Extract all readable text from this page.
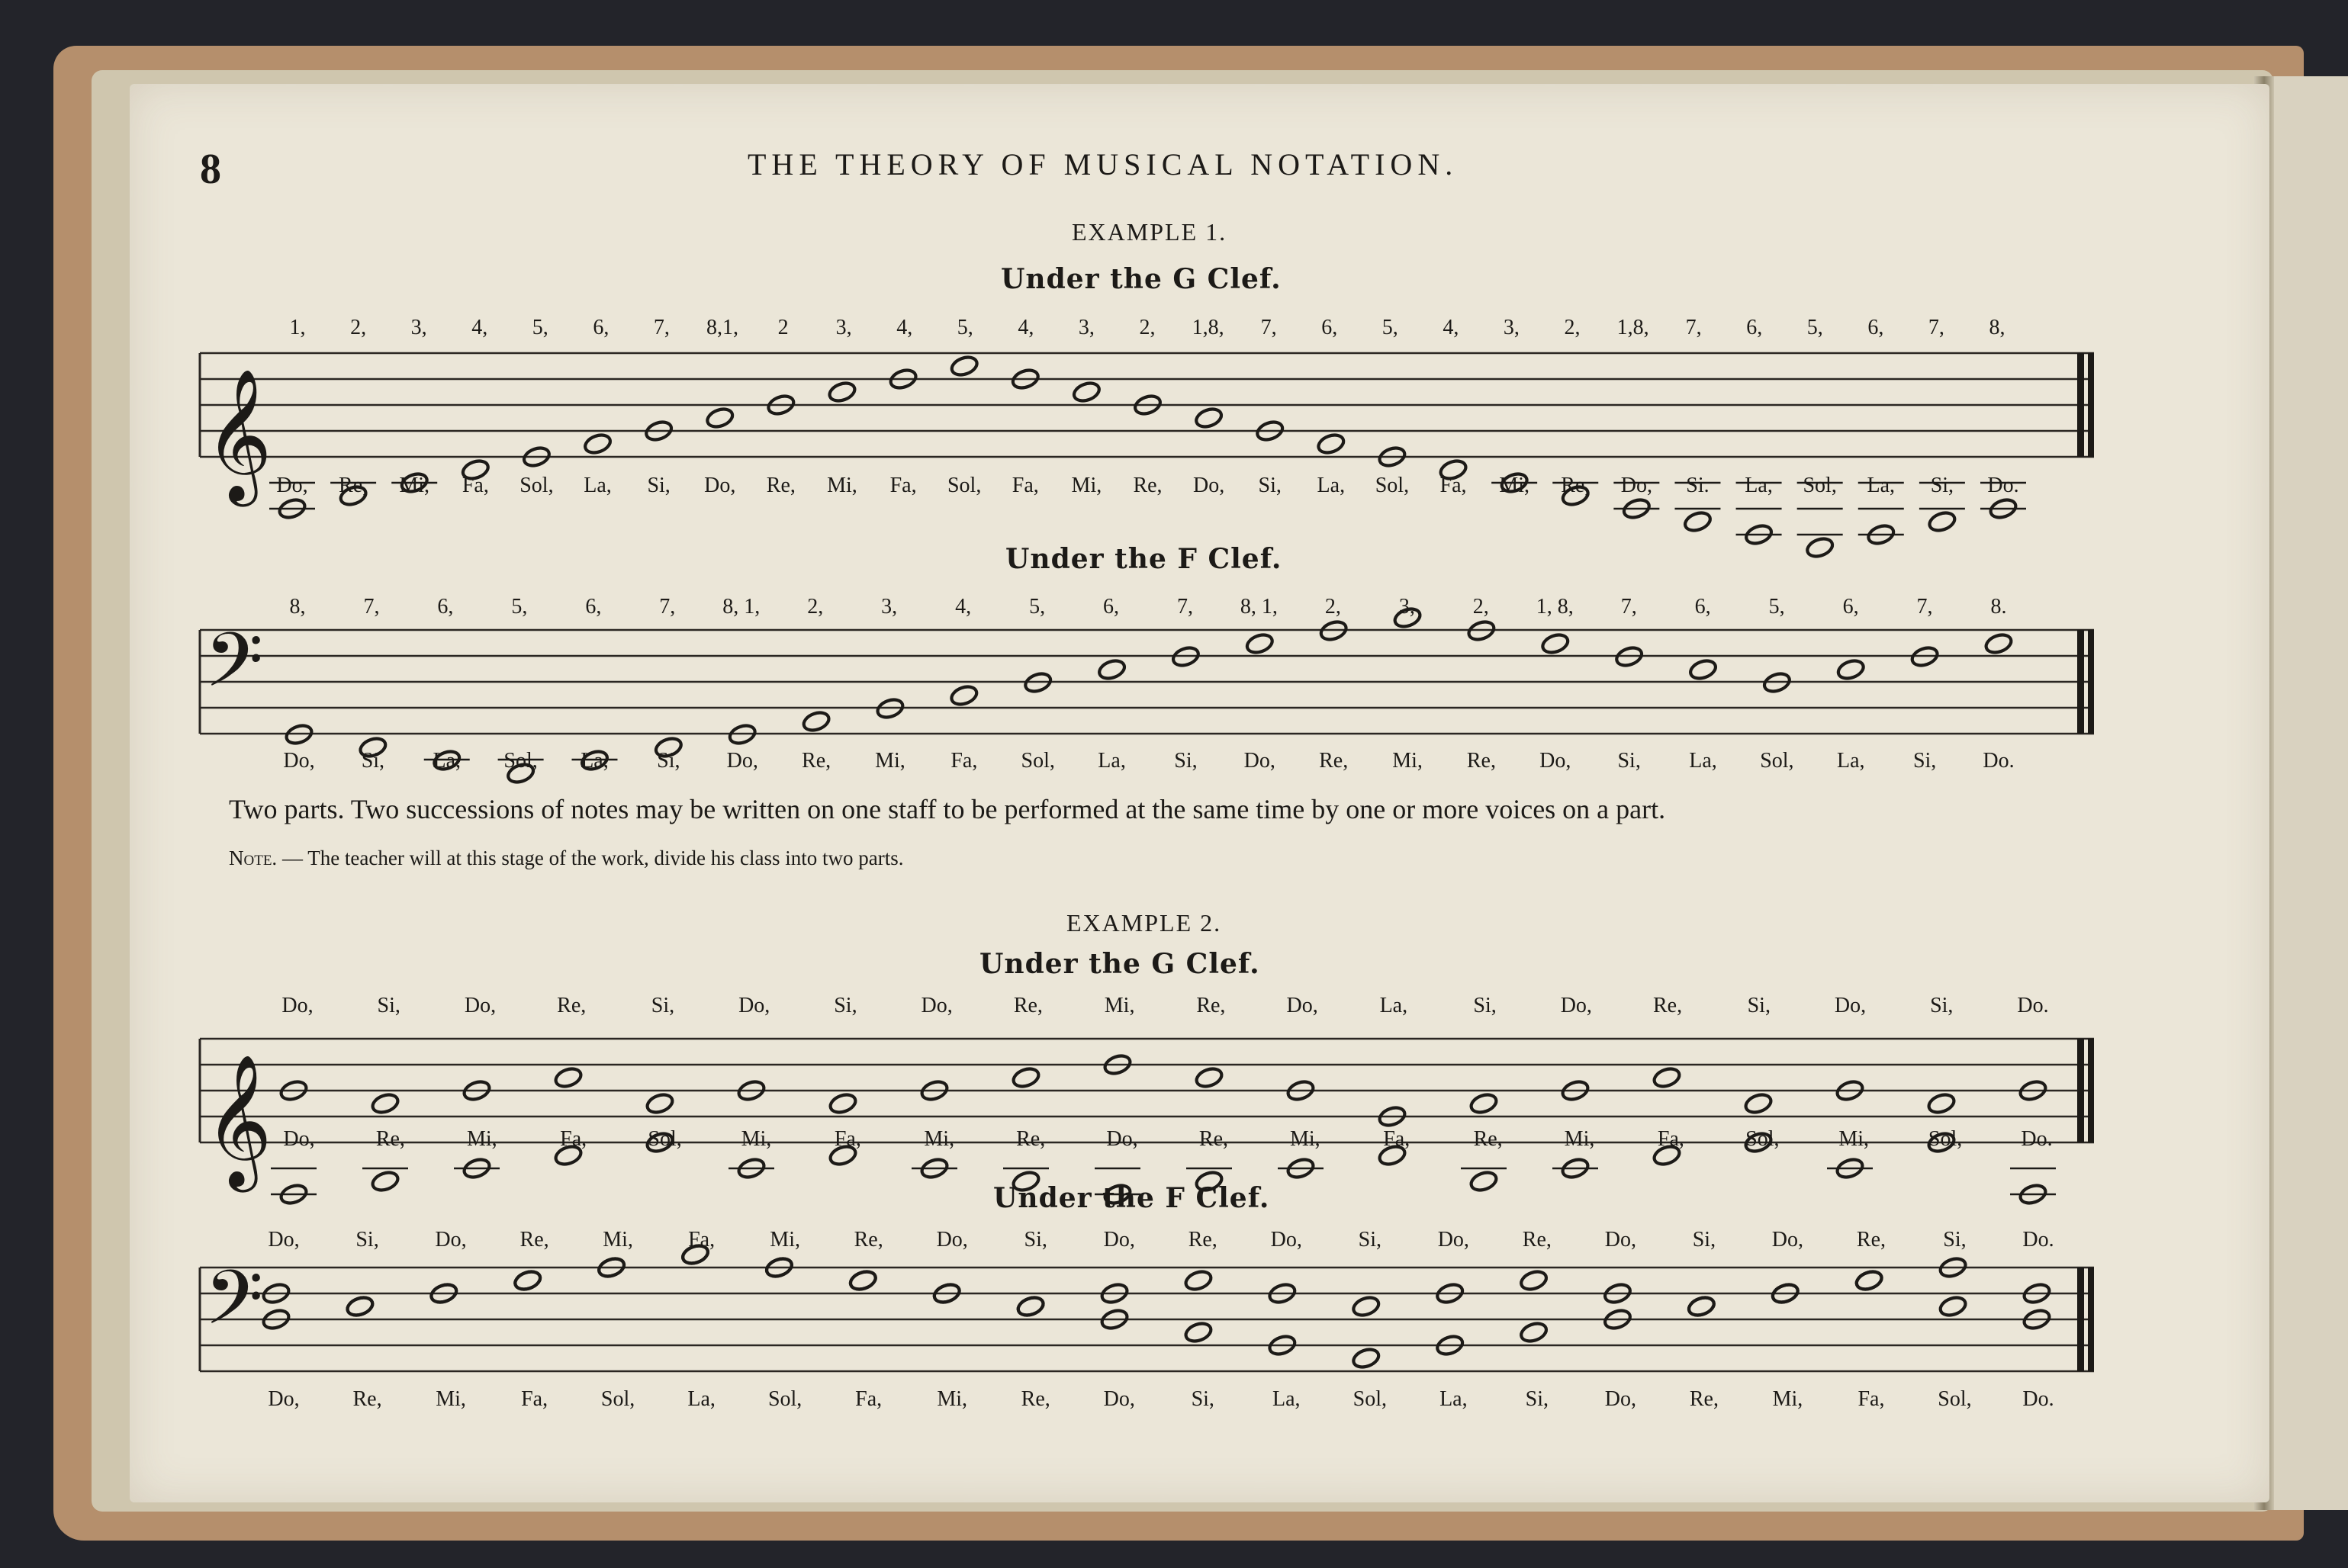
8	THE THEORY OF MUSICAL NOTATION.
EXAMPLE 1.
Under the G Clef.
Under the F Clef.
Two parts. Two successions of notes may be written on one staff to be performed at the same time by one or more voices on a part.
Note. — The teacher will at this stage of the work, divide his class into two parts.
EXAMPLE 2.
Under the G Clef.
Under the F Clef.
𝄞
1, 2, 3, 4, 5, 6, 7, 8,1, 2 3, 4, 5, 4, 3, 2, 1,8, 7, 6, 5, 4, 3, 2, 1,8, 7, 6, 5, 6, 7, 8,
Do, Re, Mi, Fa, Sol, La, Si, Do, Re, Mi, Fa, Sol, Fa, Mi, Re, Do, Si, La, Sol, Fa, Mi, Re, Do, Si. La, Sol, La, Si, Do.
𝄢
8,	7,	6,	5,	6,	7, 8, 1, 2,	3,	4,	5,	6,	7, 8, 1, 2,	3,	2, 1, 8, 7,	6,	5,	6,	7,	8.
Do, Si, La, Sol, La, Si, Do, Re, Mi, Fa, Sol, La, Si, Do, Re, Mi, Re, Do, Si, La, Sol, La, Si, Do.
𝄞
Do,	Si,	Do,	Re,	Si,	Do,	Si,	Do,	Re,	Mi,	Re,	Do,	La,	Si,	Do,	Re,	Si,	Do,	Si,	Do.
Do,	Re,	Mi,	Fa,	Sol,	Mi,	Fa,	Mi,	Re,	Do,	Re,	Mi,	Fa,	Re,	Mi,	Fa,	Sol,	Mi,	Sol,	Do.
𝄢
Do,	Si,	Do, Re,	Mi,	Fa,	Mi,	Re, Do,	Si,	Do, Re, Do,	Si,	Do, Re, Do,	Si,	Do, Re,	Si,	Do.
Do, Re,	Mi,	Fa, Sol, La, Sol, Fa,	Mi,	Re, Do,	Si,	La, Sol, La,	Si,	Do, Re,	Mi,	Fa, Sol, Do.
